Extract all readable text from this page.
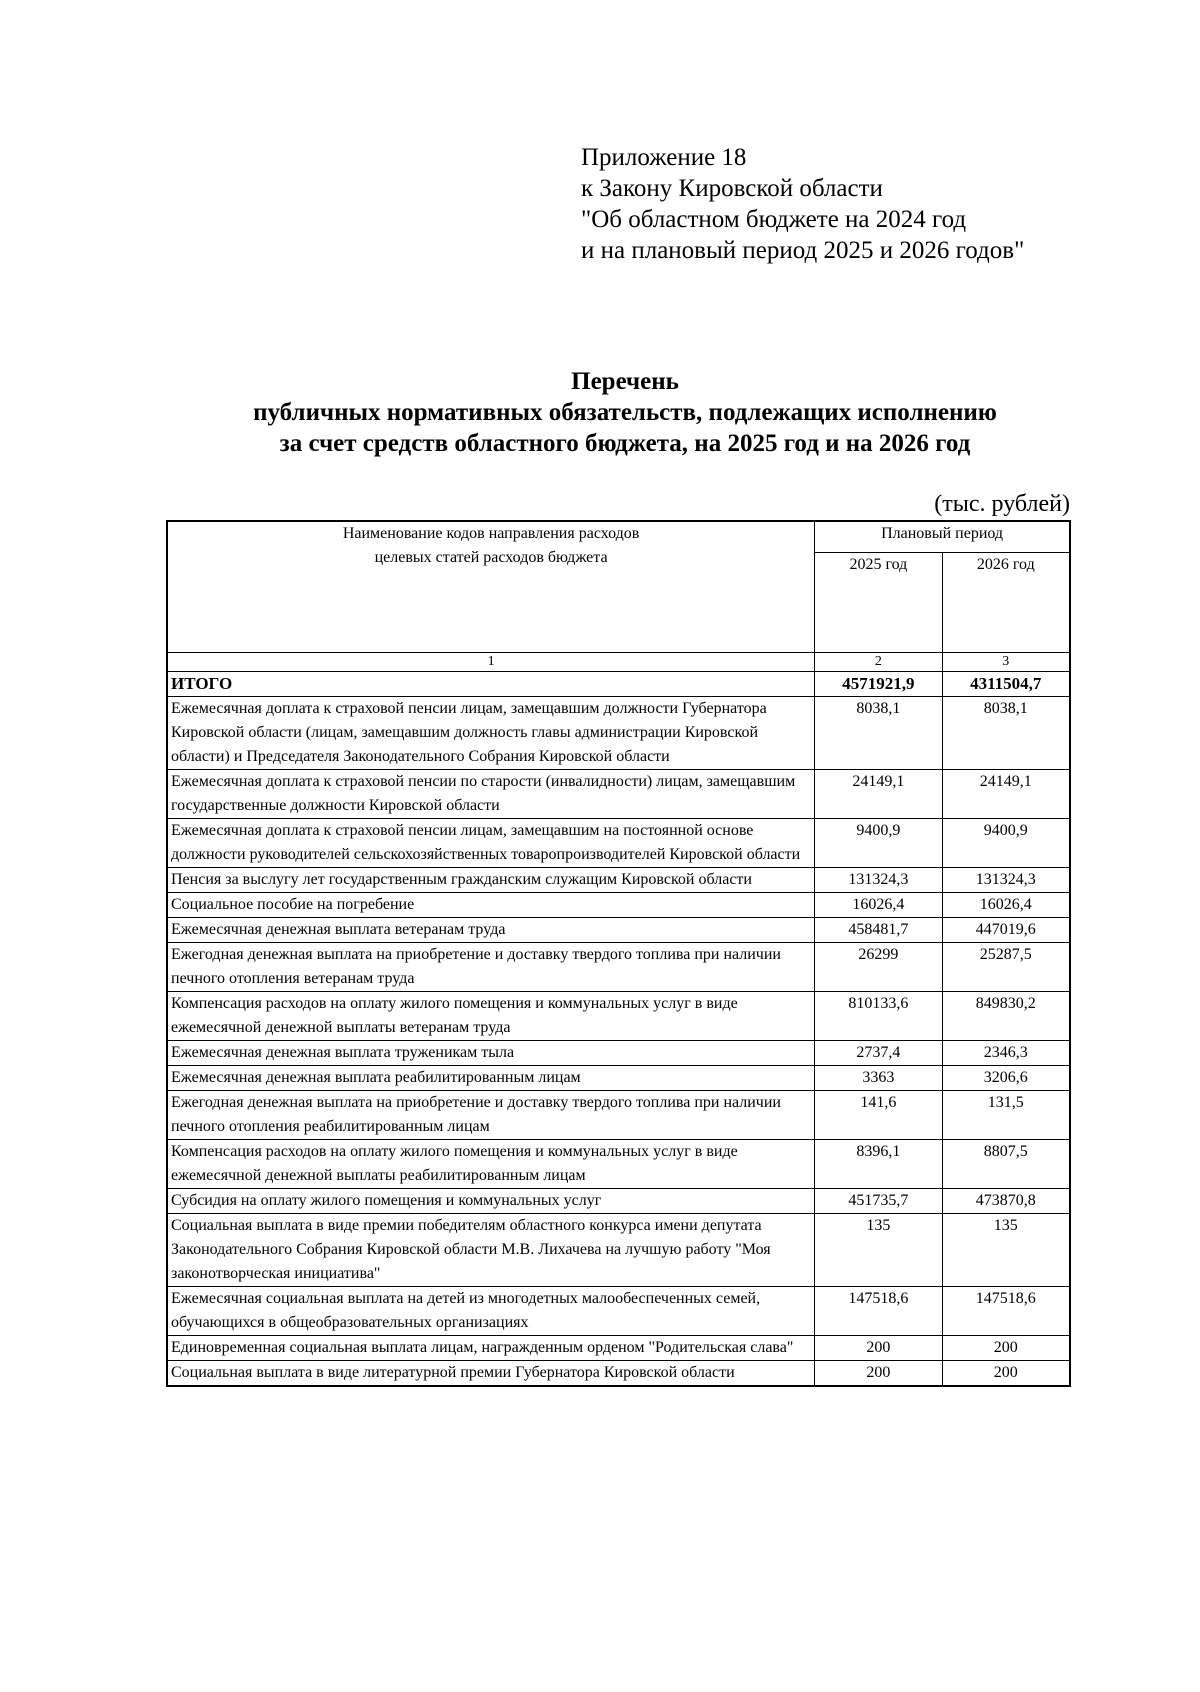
Приложение 18
к Закону Кировской области
"Об областном бюджете на 2024 год
и на плановый период 2025 и 2026 годов"
Перечень
публичных нормативных обязательств, подлежащих исполнению
за счет средств областного бюджета, на 2025 год и на 2026 год
(тыс. рублей)
Наименование кодов направления расходов
целевых статей расходов бюджета	Плановый период	
	2025 год	2026 год
1	2	3
ИТОГО	4571921,9	4311504,7
Ежемесячная доплата к страховой пенсии лицам, замещавшим должности Губернатора Кировской области (лицам, замещавшим должность главы администрации Кировской области) и Председателя Законодательного Собрания Кировской области	8038,1	8038,1
Ежемесячная доплата к страховой пенсии по старости (инвалидности) лицам, замещавшим государственные должности Кировской области	24149,1	24149,1
Ежемесячная доплата к страховой пенсии лицам, замещавшим на постоянной основе должности руководителей сельскохозяйственных товаропроизводителей Кировской области	9400,9	9400,9
Пенсия за выслугу лет государственным гражданским служащим Кировской области	131324,3	131324,3
Социальное пособие на погребение	16026,4	16026,4
Ежемесячная денежная выплата ветеранам труда	458481,7	447019,6
Ежегодная денежная выплата на приобретение и доставку твердого топлива при наличии печного отопления ветеранам труда	26299	25287,5
Компенсация расходов на оплату жилого помещения и коммунальных услуг в виде ежемесячной денежной выплаты ветеранам труда	810133,6	849830,2
Ежемесячная денежная выплата труженикам тыла	2737,4	2346,3
Ежемесячная денежная выплата реабилитированным лицам	3363	3206,6
Ежегодная денежная выплата на приобретение и доставку твердого топлива при наличии печного отопления реабилитированным лицам	141,6	131,5
Компенсация расходов на оплату жилого помещения и коммунальных услуг в виде ежемесячной денежной выплаты реабилитированным лицам	8396,1	8807,5
Субсидия на оплату жилого помещения и коммунальных услуг	451735,7	473870,8
Социальная выплата в виде премии победителям областного конкурса имени депутата Законодательного Собрания Кировской области М.В. Лихачева на лучшую работу "Моя законотворческая инициатива"	135	135
Ежемесячная социальная выплата на детей из многодетных малообеспеченных семей, обучающихся в общеобразовательных организациях	147518,6	147518,6
Единовременная социальная выплата лицам, награжденным орденом "Родительская слава"	200	200
Социальная выплата в виде литературной премии Губернатора Кировской области	200	200
